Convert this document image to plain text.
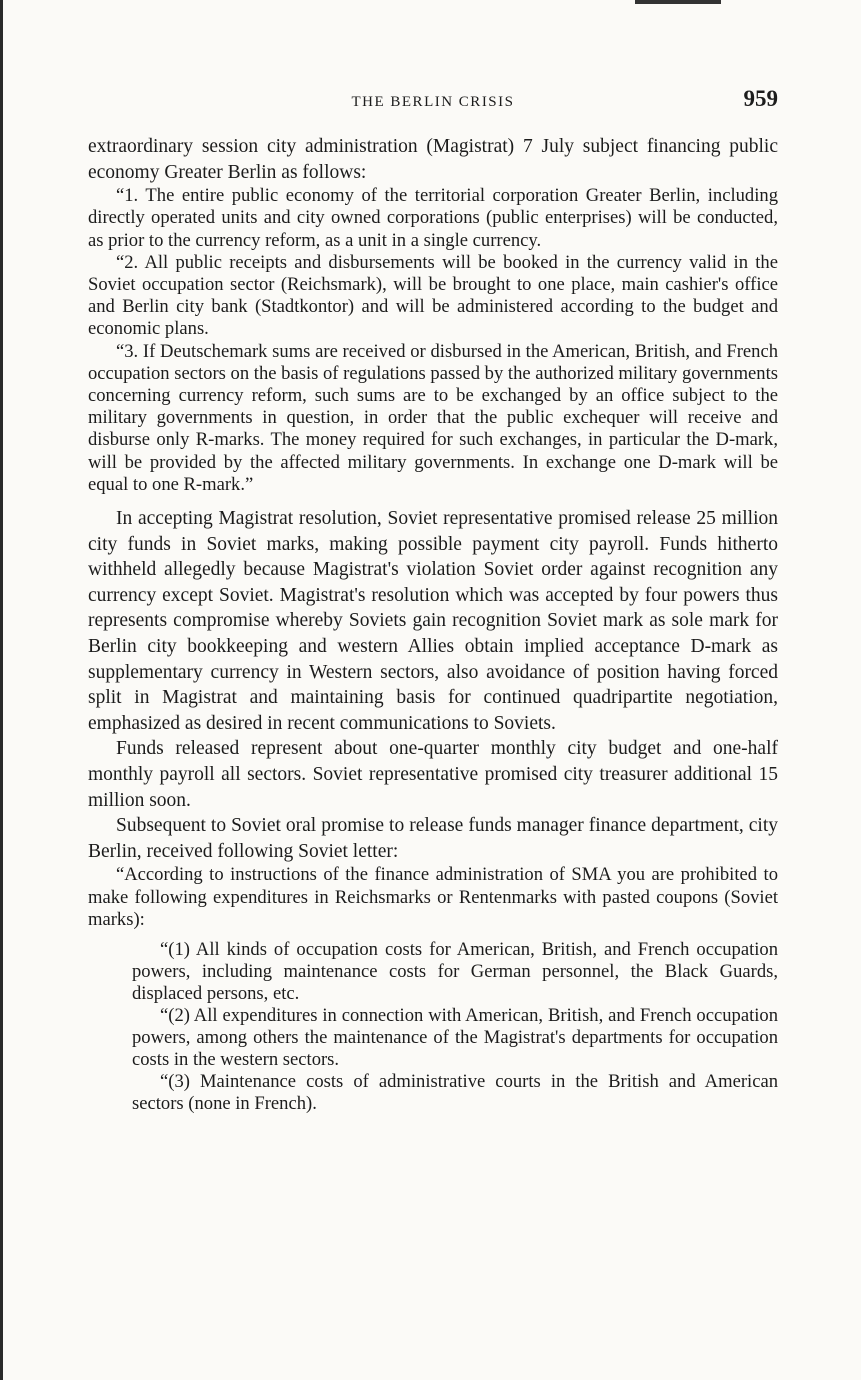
THE BERLIN CRISIS	959

extraordinary session city administration (Magistrat) 7 July subject financing public economy Greater Berlin as follows:

“1. The entire public economy of the territorial corporation Greater Berlin, including directly operated units and city owned corporations (public enterprises) will be conducted, as prior to the currency reform, as a unit in a single currency.

“2. All public receipts and disbursements will be booked in the currency valid in the Soviet occupation sector (Reichsmark), will be brought to one place, main cashier's office and Berlin city bank (Stadtkontor) and will be administered according to the budget and economic plans.

“3. If Deutschemark sums are received or disbursed in the American, British, and French occupation sectors on the basis of regulations passed by the authorized military governments concerning currency reform, such sums are to be exchanged by an office subject to the military governments in question, in order that the public exchequer will receive and disburse only R-marks. The money required for such exchanges, in particular the D-mark, will be provided by the affected military governments. In exchange one D-mark will be equal to one R-mark.”

In accepting Magistrat resolution, Soviet representative promised release 25 million city funds in Soviet marks, making possible payment city payroll. Funds hitherto withheld allegedly because Magistrat's violation Soviet order against recognition any currency except Soviet. Magistrat's resolution which was accepted by four powers thus represents compromise whereby Soviets gain recognition Soviet mark as sole mark for Berlin city bookkeeping and western Allies obtain implied acceptance D-mark as supplementary currency in Western sectors, also avoidance of position having forced split in Magistrat and maintaining basis for continued quadripartite negotiation, emphasized as desired in recent communications to Soviets.

Funds released represent about one-quarter monthly city budget and one-half monthly payroll all sectors. Soviet representative promised city treasurer additional 15 million soon.

Subsequent to Soviet oral promise to release funds manager finance department, city Berlin, received following Soviet letter:

“According to instructions of the finance administration of SMA you are prohibited to make following expenditures in Reichsmarks or Rentenmarks with pasted coupons (Soviet marks):

“(1) All kinds of occupation costs for American, British, and French occupation powers, including maintenance costs for German personnel, the Black Guards, displaced persons, etc.

“(2) All expenditures in connection with American, British, and French occupation powers, among others the maintenance of the Magistrat's departments for occupation costs in the western sectors.

“(3) Maintenance costs of administrative courts in the British and American sectors (none in French).
